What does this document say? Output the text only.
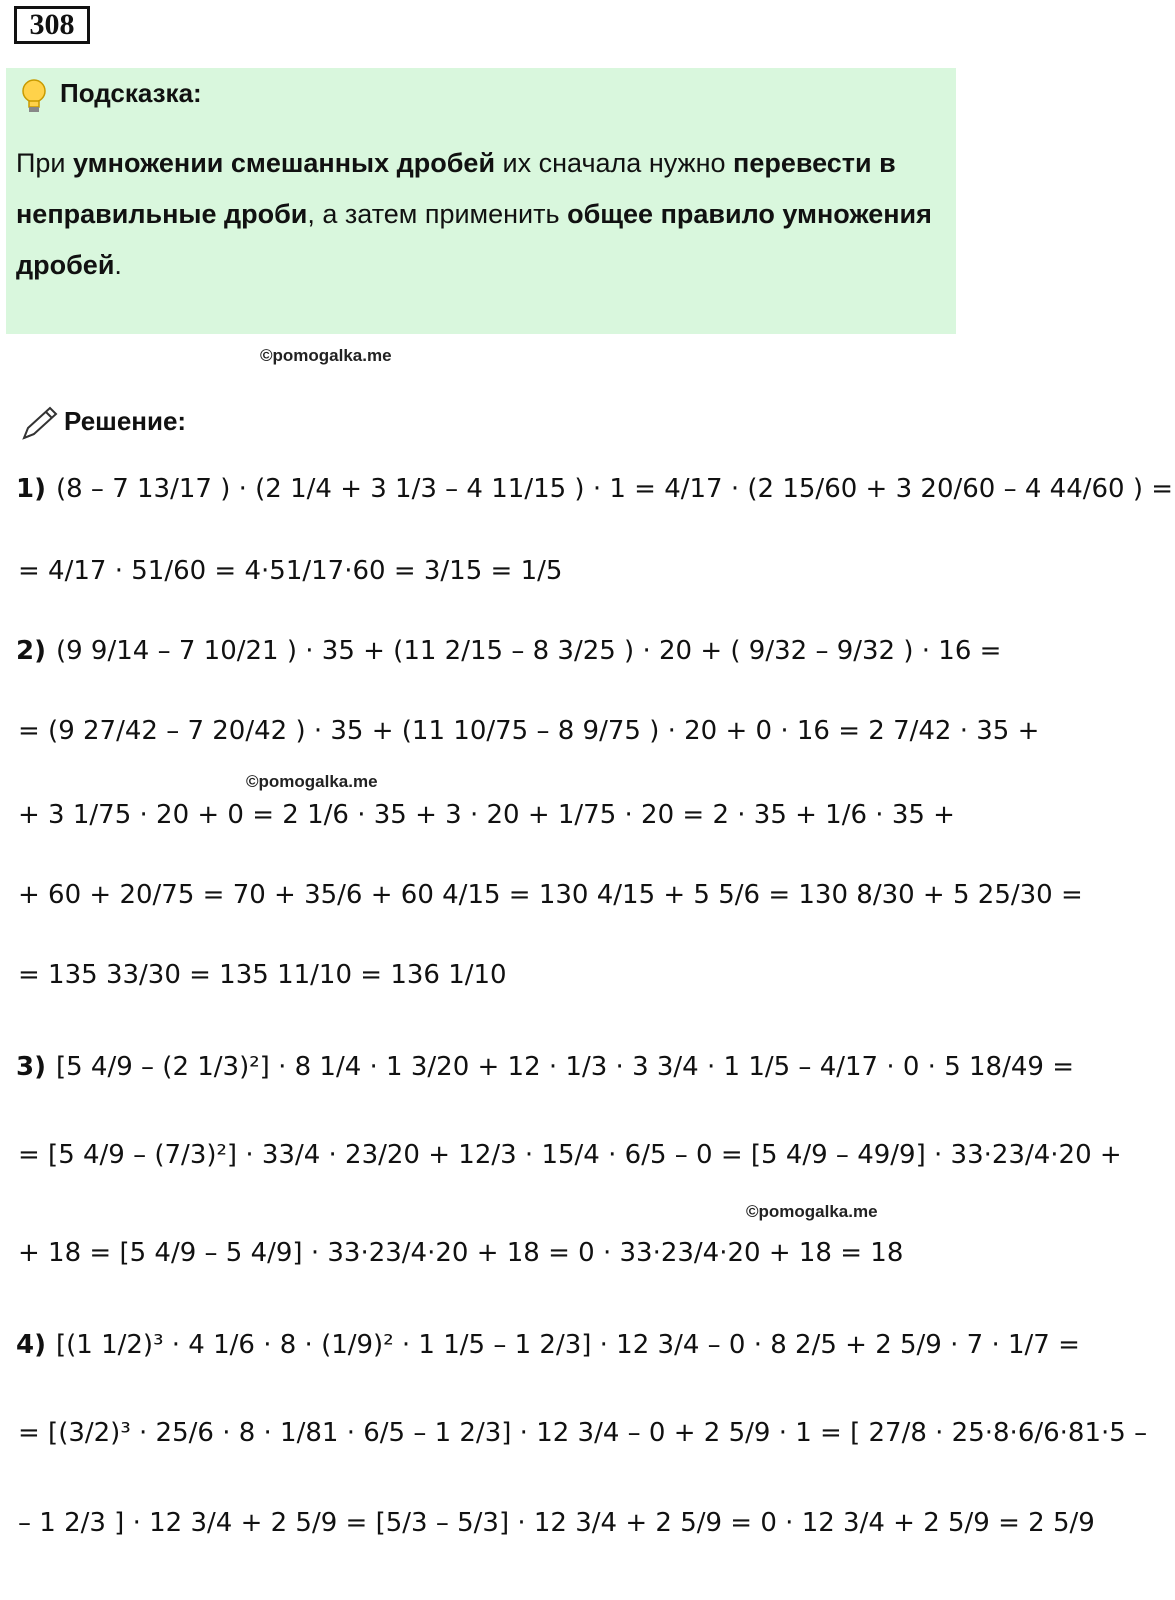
308
Подсказка:
При умножении смешанных дробей их сначала нужно перевести в неправильные дроби, а затем применить общее правило умножения дробей.
©pomogalka.me
Решение:
1) (8 – 7 13/17 ) · (2 1/4 + 3 1/3 – 4 11/15 ) · 1 = 4/17 · (2 15/60 + 3 20/60 – 4 44/60 ) =
= 4/17 · 51/60 = 4·51/17·60 = 3/15 = 1/5
2) (9 9/14 – 7 10/21 ) · 35 + (11 2/15 – 8 3/25 ) · 20 + ( 9/32 – 9/32 ) · 16 =
= (9 27/42 – 7 20/42 ) · 35 + (11 10/75 – 8 9/75 ) · 20 + 0 · 16 = 2 7/42 · 35 +
+ 3 1/75 · 20 + 0 = 2 1/6 · 35 + 3 · 20 + 1/75 · 20 = 2 · 35 + 1/6 · 35 +
+ 60 + 20/75 = 70 + 35/6 + 60 4/15 = 130 4/15 + 5 5/6 = 130 8/30 + 5 25/30 =
= 135 33/30 = 135 11/10 = 136 1/10
3) [5 4/9 – (2 1/3)²] · 8 1/4 · 1 3/20 + 12 · 1/3 · 3 3/4 · 1 1/5 – 4/17 · 0 · 5 18/49 =
= [5 4/9 – (7/3)²] · 33/4 · 23/20 + 12/3 · 15/4 · 6/5 – 0 = [5 4/9 – 49/9] · 33·23/4·20 +
+ 18 = [5 4/9 – 5 4/9] · 33·23/4·20 + 18 = 0 · 33·23/4·20 + 18 = 18
4) [(1 1/2)³ · 4 1/6 · 8 · (1/9)² · 1 1/5 – 1 2/3] · 12 3/4 – 0 · 8 2/5 + 2 5/9 · 7 · 1/7 =
= [(3/2)³ · 25/6 · 8 · 1/81 · 6/5 – 1 2/3] · 12 3/4 – 0 + 2 5/9 · 1 = [ 27/8 · 25·8·6/6·81·5 –
– 1 2/3 ] · 12 3/4 + 2 5/9 = [5/3 – 5/3] · 12 3/4 + 2 5/9 = 0 · 12 3/4 + 2 5/9 = 2 5/9
©pomogalka.me
©pomogalka.me
